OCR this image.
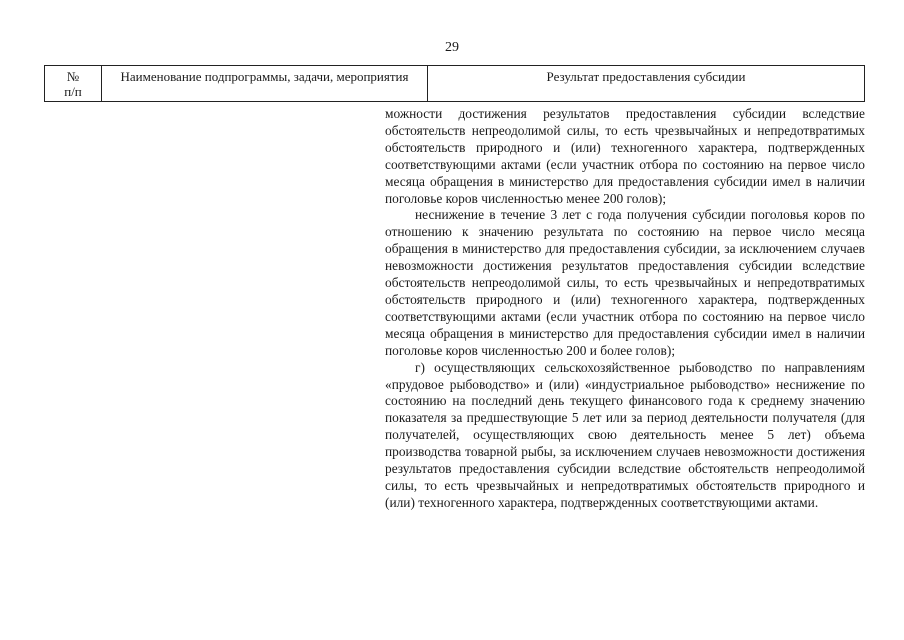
29
№
п/п
Наименование подпрограммы, задачи, мероприятия	Результат предоставления субсидии

можности достижения результатов предоставления субсидии вследствие обстоятельств непреодолимой силы, то есть чрезвычайных и непредотвратимых обстоятельств природного и (или) техногенного характера, подтвержденных соответствующими актами (если участник отбора по состоянию на первое число месяца обращения в министерство для предоставления субсидии имел в наличии поголовье коров численностью менее 200 голов);

неснижение в течение 3 лет с года получения субсидии поголовья коров по отношению к значению результата по состоянию на первое число месяца обращения в министерство для предоставления субсидии, за исключением случаев невозможности достижения результатов предоставления субсидии вследствие обстоятельств непреодолимой силы, то есть чрезвычайных и непредотвратимых обстоятельств природного и (или) техногенного характера, подтвержденных соответствующими актами (если участник отбора по состоянию на первое число месяца обращения в министерство для предоставления субсидии имел в наличии поголовье коров численностью 200 и более голов);

г) осуществляющих сельскохозяйственное рыбоводство по направлениям «прудовое рыбоводство» и (или) «индустриальное рыбоводство» неснижение по состоянию на последний день текущего финансового года к среднему значению показателя за предшествующие 5 лет или за период деятельности получателя (для получателей, осуществляющих свою деятельность менее 5 лет) объема производства товарной рыбы, за исключением случаев невозможности достижения результатов предоставления субсидии вследствие обстоятельств непреодолимой силы, то есть чрезвычайных и непредотвратимых обстоятельств природного и (или) техногенного характера, подтвержденных соответствующими актами.
